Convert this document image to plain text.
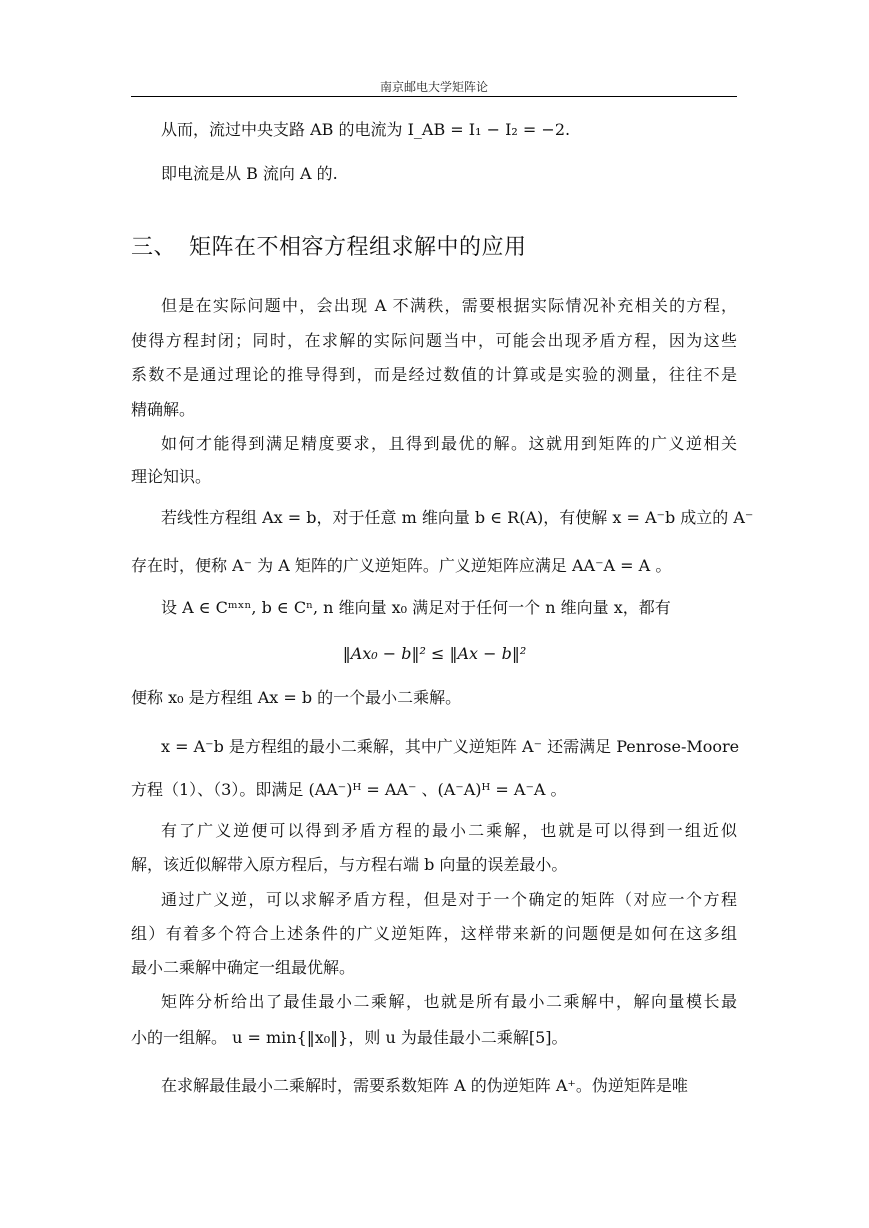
南京邮电大学矩阵论
从而，流过中央支路 AB 的电流为 I_AB = I₁ − I₂ = −2.
即电流是从 B 流向 A 的.
三、 矩阵在不相容方程组求解中的应用
但是在实际问题中，会出现 A 不满秩，需要根据实际情况补充相关的方程，
使得方程封闭；同时，在求解的实际问题当中，可能会出现矛盾方程，因为这些
系数不是通过理论的推导得到，而是经过数值的计算或是实验的测量，往往不是
精确解。
如何才能得到满足精度要求，且得到最优的解。这就用到矩阵的广义逆相关
理论知识。
若线性方程组 Ax = b，对于任意 m 维向量 b ∈ R(A)，有使解 x = A⁻b 成立的 A⁻
存在时，便称 A⁻ 为 A 矩阵的广义逆矩阵。广义逆矩阵应满足 AA⁻A = A 。
设 A ∈ Cᵐˣⁿ, b ∈ Cⁿ, n 维向量 x₀ 满足对于任何一个 n 维向量 x，都有
‖Ax₀ − b‖² ≤ ‖Ax − b‖²
便称 x₀ 是方程组 Ax = b 的一个最小二乘解。
x = A⁻b 是方程组的最小二乘解，其中广义逆矩阵 A⁻ 还需满足 Penrose-Moore
方程（1）、（3）。即满足 (AA⁻)ᴴ = AA⁻ 、(A⁻A)ᴴ = A⁻A 。
有了广义逆便可以得到矛盾方程的最小二乘解，也就是可以得到一组近似
解，该近似解带入原方程后，与方程右端 b 向量的误差最小。
通过广义逆，可以求解矛盾方程，但是对于一个确定的矩阵（对应一个方程
组）有着多个符合上述条件的广义逆矩阵，这样带来新的问题便是如何在这多组
最小二乘解中确定一组最优解。
矩阵分析给出了最佳最小二乘解，也就是所有最小二乘解中，解向量模长最
小的一组解。 u = min{‖x₀‖}，则 u 为最佳最小二乘解[5]。
在求解最佳最小二乘解时，需要系数矩阵 A 的伪逆矩阵 A⁺。伪逆矩阵是唯
